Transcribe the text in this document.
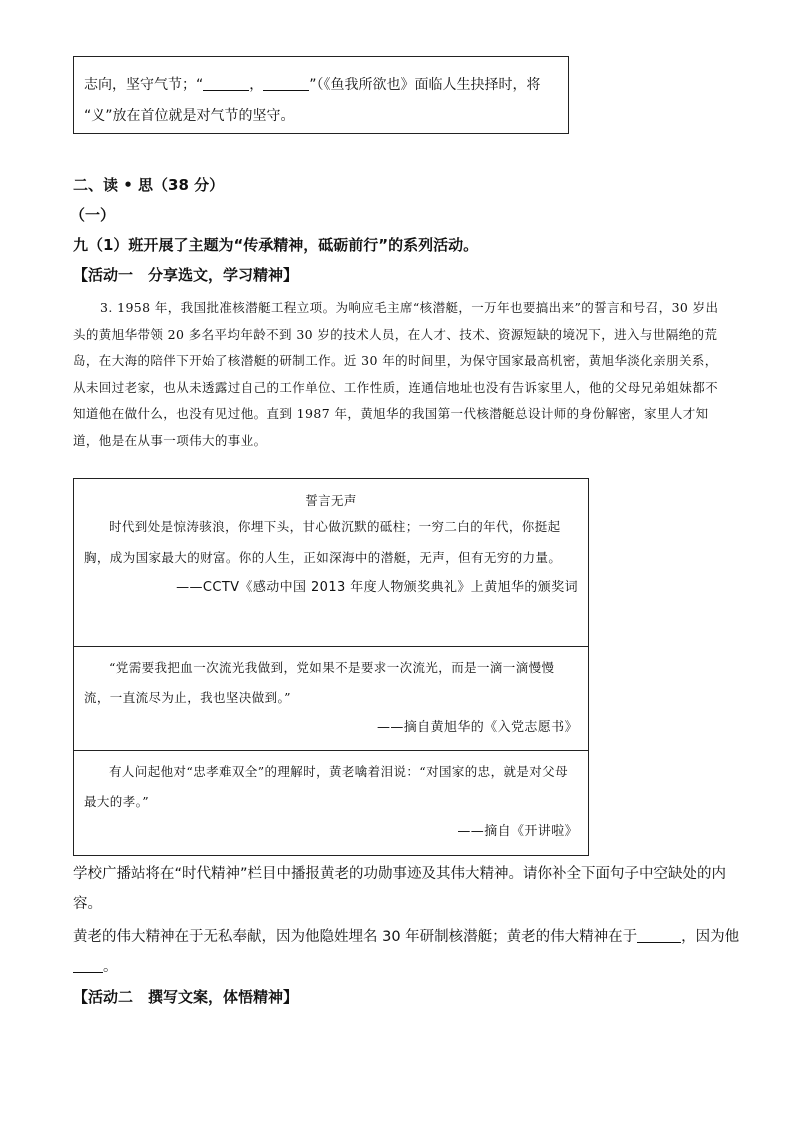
志向，坚守气节；“	，	”（《鱼我所欲也》面临人生抉择时，将
“义”放在首位就是对气节的坚守。
二、读 • 思（38 分）
（一）
九（1）班开展了主题为“传承精神，砥砺前行”的系列活动。
【活动一　分享选文，学习精神】
3. 1958 年，我国批准核潜艇工程立项。为响应毛主席“核潜艇，一万年也要搞出来”的誓言和号召，30 岁出头的黄旭华带领 20 多名平均年龄不到 30 岁的技术人员，在人才、技术、资源短缺的境况下，进入与世隔绝的荒岛，在大海的陪伴下开始了核潜艇的研制工作。近 30 年的时间里，为保守国家最高机密，黄旭华淡化亲朋关系，从未回过老家，也从未透露过自己的工作单位、工作性质，连通信地址也没有告诉家里人，他的父母兄弟姐妹都不知道他在做什么，也没有见过他。直到 1987 年，黄旭华的我国第一代核潜艇总设计师的身份解密，家里人才知道，他是在从事一项伟大的事业。
誓言无声
时代到处是惊涛骇浪，你埋下头，甘心做沉默的砥柱；一穷二白的年代，你挺起胸，成为国家最大的财富。你的人生，正如深海中的潜艇，无声，但有无穷的力量。
——CCTV《感动中国 2013 年度人物颁奖典礼》上黄旭华的颁奖词
“党需要我把血一次流光我做到，党如果不是要求一次流光，而是一滴一滴慢慢流，一直流尽为止，我也坚决做到。”
——摘自黄旭华的《入党志愿书》
有人问起他对“忠孝难双全”的理解时，黄老噙着泪说：“对国家的忠，就是对父母最大的孝。”
——摘自《开讲啦》
学校广播站将在“时代精神”栏目中播报黄老的功勋事迹及其伟大精神。请你补全下面句子中空缺处的内
容。
黄老的伟大精神在于无私奉献，因为他隐姓埋名 30 年研制核潜艇；黄老的伟大精神在于	，因为他
。
【活动二　撰写文案，体悟精神】
